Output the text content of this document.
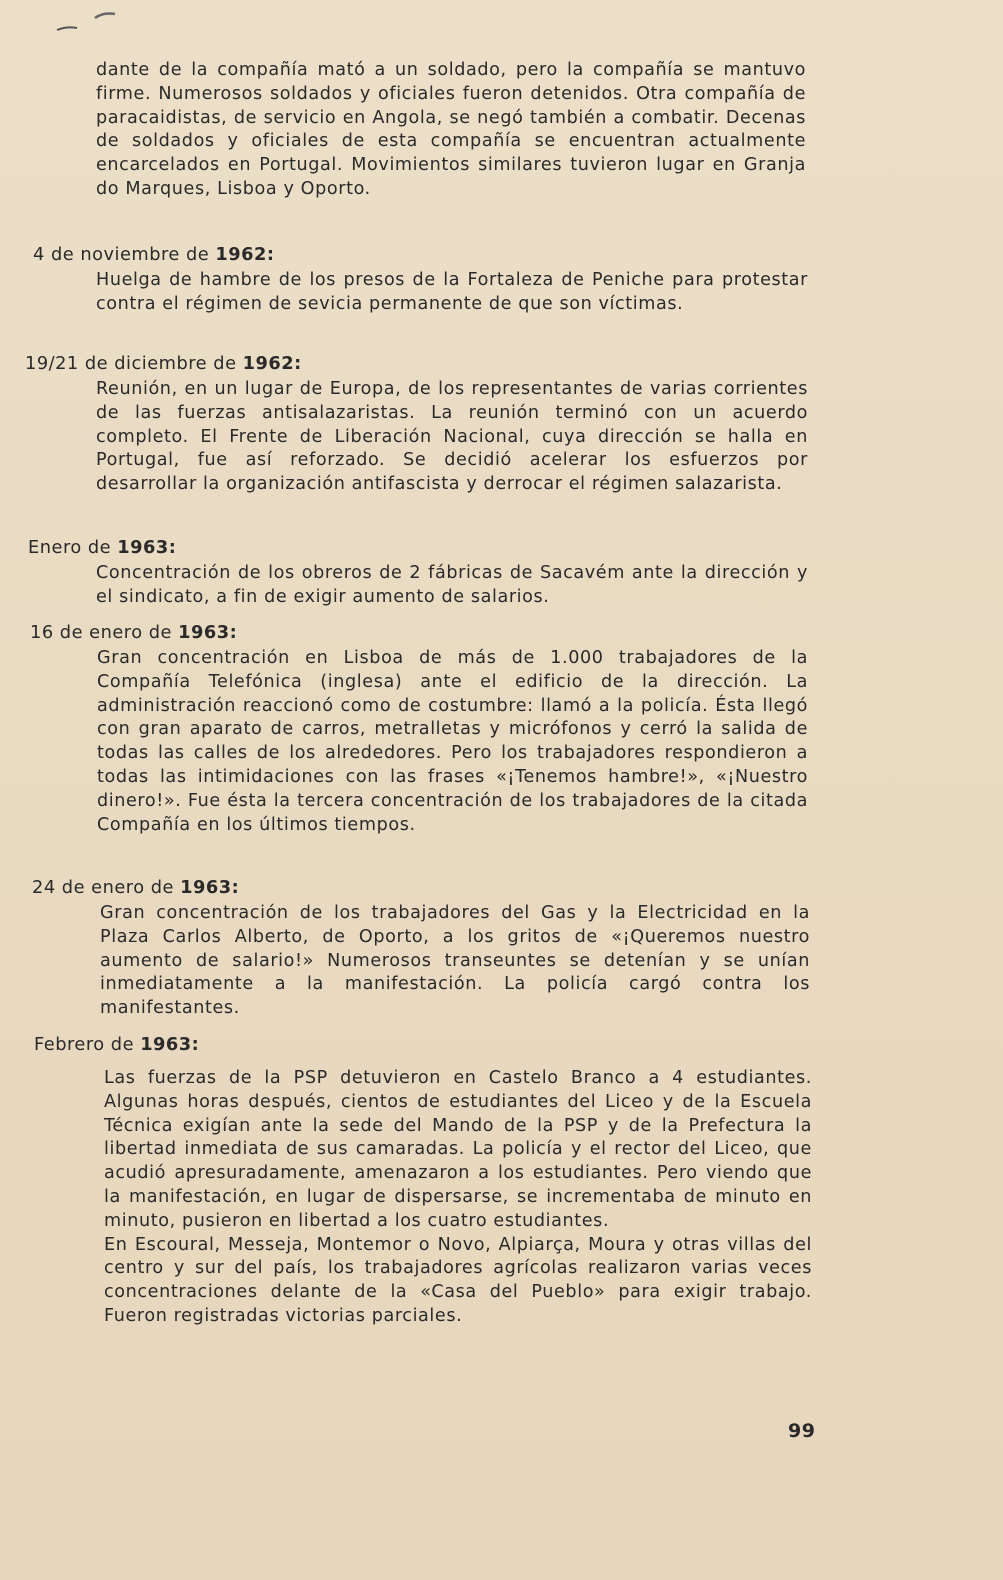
dante de la compañía mató a un soldado, pero la compañía se mantuvo firme. Numerosos soldados y oficiales fueron detenidos. Otra compañía de paracaidistas, de servicio en Angola, se negó también a combatir. Decenas de soldados y oficiales de esta compañía se encuentran actualmente encarcelados en Portugal. Movimientos similares tuvieron lugar en Granja do Marques, Lisboa y Oporto.

4 de noviembre de 1962:

Huelga de hambre de los presos de la Fortaleza de Peniche para protestar contra el régimen de sevicia permanente de que son víctimas.

19/21 de diciembre de 1962:

Reunión, en un lugar de Europa, de los representantes de varias corrientes de las fuerzas antisalazaristas. La reunión terminó con un acuerdo completo. El Frente de Liberación Nacional, cuya dirección se halla en Portugal, fue así reforzado. Se decidió acelerar los esfuerzos por desarrollar la organización antifascista y derrocar el régimen salazarista.

Enero de 1963:

Concentración de los obreros de 2 fábricas de Sacavém ante la dirección y el sindicato, a fin de exigir aumento de salarios.

16 de enero de 1963:

Gran concentración en Lisboa de más de 1.000 trabajadores de la Compañía Telefónica (inglesa) ante el edificio de la dirección. La administración reaccionó como de costumbre: llamó a la policía. Ésta llegó con gran aparato de carros, metralletas y micrófonos y cerró la salida de todas las calles de los alrededores. Pero los trabajadores respondieron a todas las intimidaciones con las frases «¡Tenemos hambre!», «¡Nuestro dinero!». Fue ésta la tercera concentración de los trabajadores de la citada Compañía en los últimos tiempos.

24 de enero de 1963:

Gran concentración de los trabajadores del Gas y la Electricidad en la Plaza Carlos Alberto, de Oporto, a los gritos de «¡Queremos nuestro aumento de salario!» Numerosos transeuntes se detenían y se unían inmediatamente a la manifestación. La policía cargó contra los manifestantes.

Febrero de 1963:

Las fuerzas de la PSP detuvieron en Castelo Branco a 4 estudiantes. Algunas horas después, cientos de estudiantes del Liceo y de la Escuela Técnica exigían ante la sede del Mando de la PSP y de la Prefectura la libertad inmediata de sus camaradas. La policía y el rector del Liceo, que acudió apresuradamente, amenazaron a los estudiantes. Pero viendo que la manifestación, en lugar de dispersarse, se incrementaba de minuto en minuto, pusieron en libertad a los cuatro estudiantes.

En Escoural, Messeja, Montemor o Novo, Alpiarça, Moura y otras villas del centro y sur del país, los trabajadores agrícolas realizaron varias veces concentraciones delante de la «Casa del Pueblo» para exigir trabajo. Fueron registradas victorias parciales.

99
